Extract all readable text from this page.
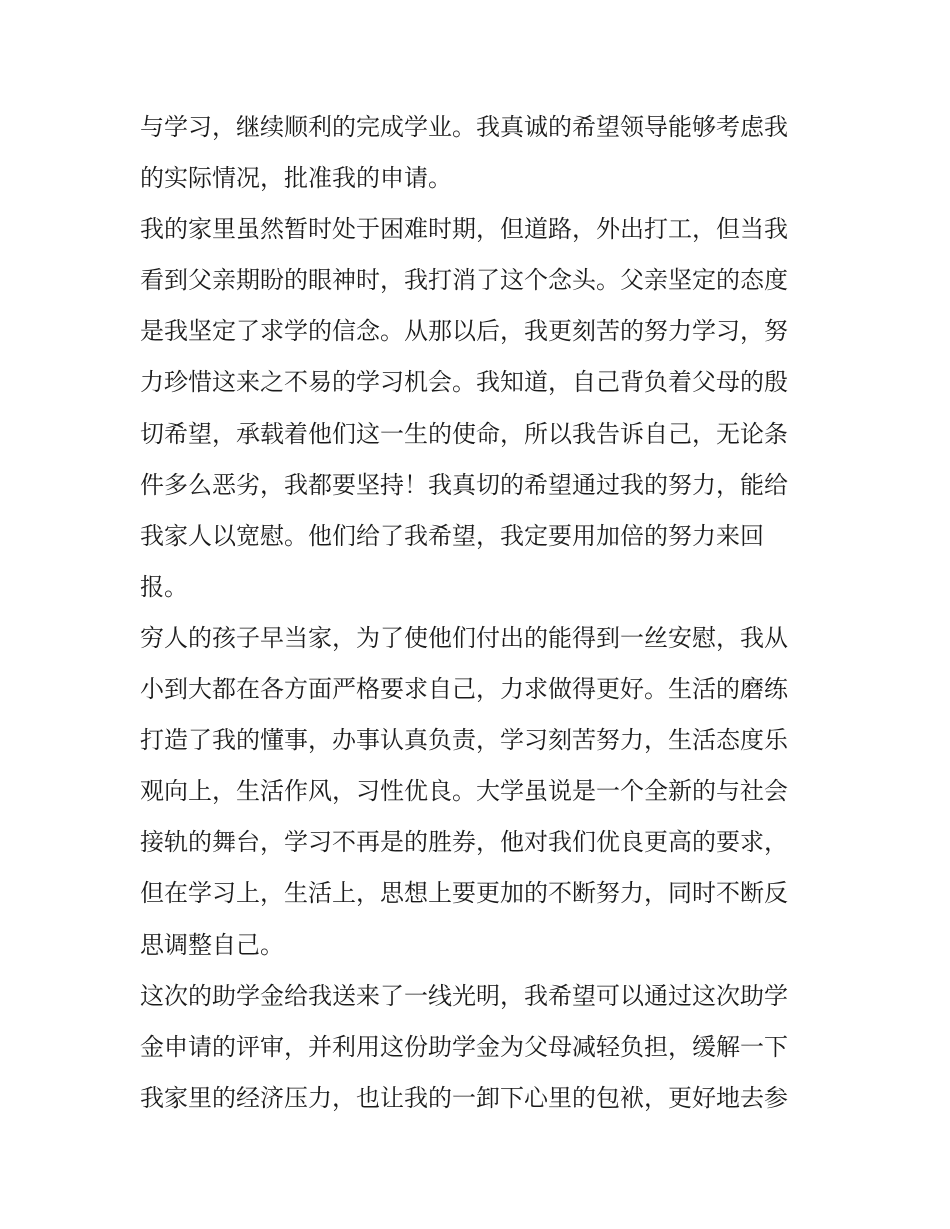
与学习，继续顺利的完成学业。我真诚的希望领导能够考虑我
的实际情况，批准我的申请。
我的家里虽然暂时处于困难时期，但道路，外出打工，但当我
看到父亲期盼的眼神时，我打消了这个念头。父亲坚定的态度
是我坚定了求学的信念。从那以后，我更刻苦的努力学习，努
力珍惜这来之不易的学习机会。我知道，自己背负着父母的殷
切希望，承载着他们这一生的使命，所以我告诉自己，无论条
件多么恶劣，我都要坚持！我真切的希望通过我的努力，能给
我家人以宽慰。他们给了我希望，我定要用加倍的努力来回
报。
穷人的孩子早当家，为了使他们付出的能得到一丝安慰，我从
小到大都在各方面严格要求自己，力求做得更好。生活的磨练
打造了我的懂事，办事认真负责，学习刻苦努力，生活态度乐
观向上，生活作风，习性优良。大学虽说是一个全新的与社会
接轨的舞台，学习不再是的胜券，他对我们优良更高的要求，
但在学习上，生活上，思想上要更加的不断努力，同时不断反
思调整自己。
这次的助学金给我送来了一线光明，我希望可以通过这次助学
金申请的评审，并利用这份助学金为父母减轻负担，缓解一下
我家里的经济压力，也让我的一卸下心里的包袱，更好地去参
